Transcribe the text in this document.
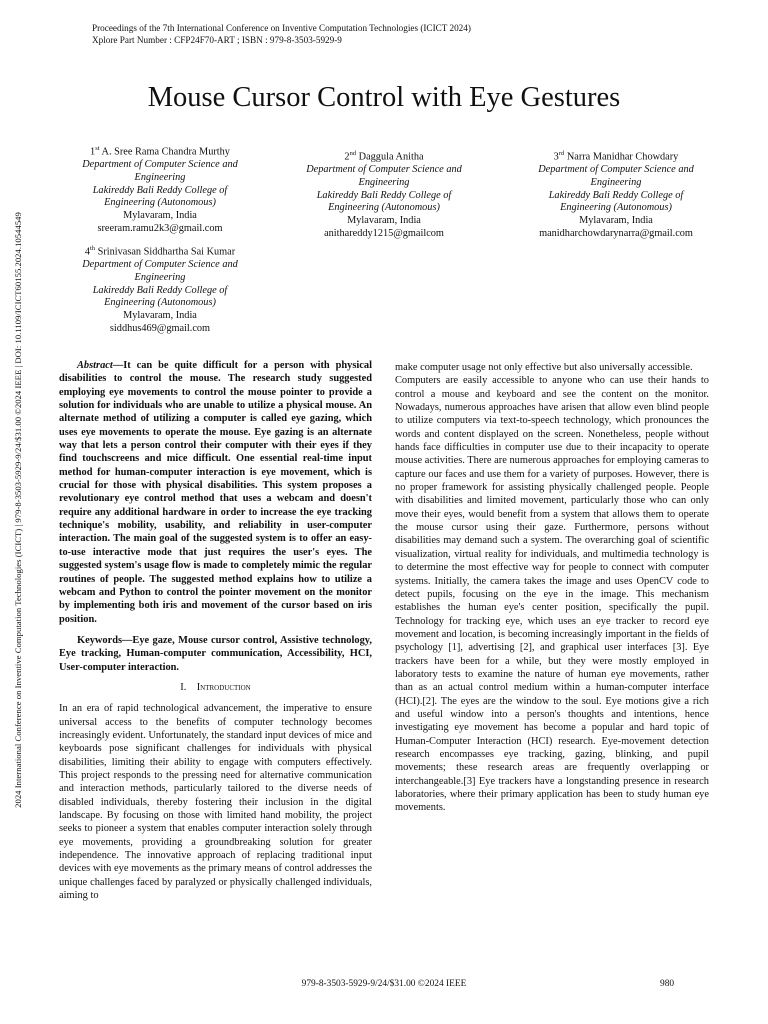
Proceedings of the 7th International Conference on Inventive Computation Technologies (ICICT 2024)
Xplore Part Number : CFP24F70-ART ; ISBN : 979-8-3503-5929-9
2024 International Conference on Inventive Computation Technologies (ICICT) | 979-8-3503-5929-9/24/$31.00 ©2024 IEEE | DOI: 10.1109/ICICT60155.2024.10544549
Mouse Cursor Control with Eye Gestures
1st A. Sree Rama Chandra Murthy
Department of Computer Science and
Engineering
Lakireddy Bali Reddy College of
Engineering (Autonomous)
Mylavaram, India
sreeram.ramu2k3@gmail.com
2nd Daggula Anitha
Department of Computer Science and
Engineering
Lakireddy Bali Reddy College of
Engineering (Autonomous)
Mylavaram, India
anithareddy1215@gmailcom
3rd Narra Manidhar Chowdary
Department of Computer Science and
Engineering
Lakireddy Bali Reddy College of
Engineering (Autonomous)
Mylavaram, India
manidharchowdarynarra@gmail.com
4th Srinivasan Siddhartha Sai Kumar
Department of Computer Science and
Engineering
Lakireddy Bali Reddy College of
Engineering (Autonomous)
Mylavaram, India
siddhus469@gmail.com

Abstract—It can be quite difficult for a person with physical disabilities to control the mouse. The research study suggested employing eye movements to control the mouse pointer to provide a solution for individuals who are unable to utilize a physical mouse. An alternate method of utilizing a computer is called eye gazing, which uses eye movements to operate the mouse. Eye gazing is an alternate way that lets a person control their computer with their eyes if they find touchscreens and mice difficult. One essential real-time input method for human-computer interaction is eye movement, which is crucial for those with physical disabilities. This system proposes a revolutionary eye control method that uses a webcam and doesn't require any additional hardware in order to increase the eye tracking technique's mobility, usability, and reliability in user-computer interaction. The main goal of the suggested system is to offer an easy-to-use interactive mode that just requires the user's eyes. The suggested system's usage flow is made to completely mimic the regular routines of people. The suggested method explains how to utilize a webcam and Python to control the pointer movement on the monitor by implementing both iris and movement of the cursor based on iris position.

Keywords—Eye gaze, Mouse cursor control, Assistive technology, Eye tracking, Human-computer communication, Accessibility, HCI, User-computer interaction.

I. Introduction

In an era of rapid technological advancement, the imperative to ensure universal access to the benefits of computer technology becomes increasingly evident. Unfortunately, the standard input devices of mice and keyboards pose significant challenges for individuals with physical disabilities, limiting their ability to engage with computers effectively. This project responds to the pressing need for alternative communication and interaction methods, particularly tailored to the diverse needs of disabled individuals, thereby fostering their inclusion in the digital landscape. By focusing on those with limited hand mobility, the project seeks to pioneer a system that enables computer interaction solely through eye movements, providing a groundbreaking solution for greater independence. The innovative approach of replacing traditional input devices with eye movements as the primary means of control addresses the unique challenges faced by paralyzed or physically challenged individuals, aiming to

make computer usage not only effective but also universally accessible.

Computers are easily accessible to anyone who can use their hands to control a mouse and keyboard and see the content on the monitor. Nowadays, numerous approaches have arisen that allow even blind people to utilize computers via text-to-speech technology, which pronounces the words and content displayed on the screen. Nonetheless, people without hands face difficulties in computer use due to their incapacity to operate mouse activities. There are numerous approaches for employing cameras to capture our faces and use them for a variety of purposes. However, there is no proper framework for assisting physically challenged people. People with disabilities and limited movement, particularly those who can only move their eyes, would benefit from a system that allows them to operate the mouse cursor using their gaze. Furthermore, persons without disabilities may demand such a system. The overarching goal of scientific visualization, virtual reality for individuals, and multimedia technology is to determine the most effective way for people to connect with computer systems. Initially, the camera takes the image and uses OpenCV code to detect pupils, focusing on the eye in the image. This mechanism establishes the human eye's center position, specifically the pupil. Technology for tracking eye, which uses an eye tracker to record eye movement and location, is becoming increasingly important in the fields of psychology [1], advertising [2], and graphical user interfaces [3]. Eye trackers have been for a while, but they were mostly employed in laboratory tests to examine the nature of human eye movements, rather than as an actual control medium within a human-computer interface (HCI).[2]. The eyes are the window to the soul. Eye motions give a rich and useful window into a person's thoughts and intentions, hence investigating eye movement has become a popular and hard topic of Human-Computer Interaction (HCI) research. Eye-movement detection research encompasses eye tracking, gazing, blinking, and pupil movements; these research areas are frequently overlapping or interchangeable.[3] Eye trackers have a longstanding presence in research laboratories, where their primary application has been to study human eye movements.

979-8-3503-5929-9/24/$31.00 ©2024 IEEE	980
